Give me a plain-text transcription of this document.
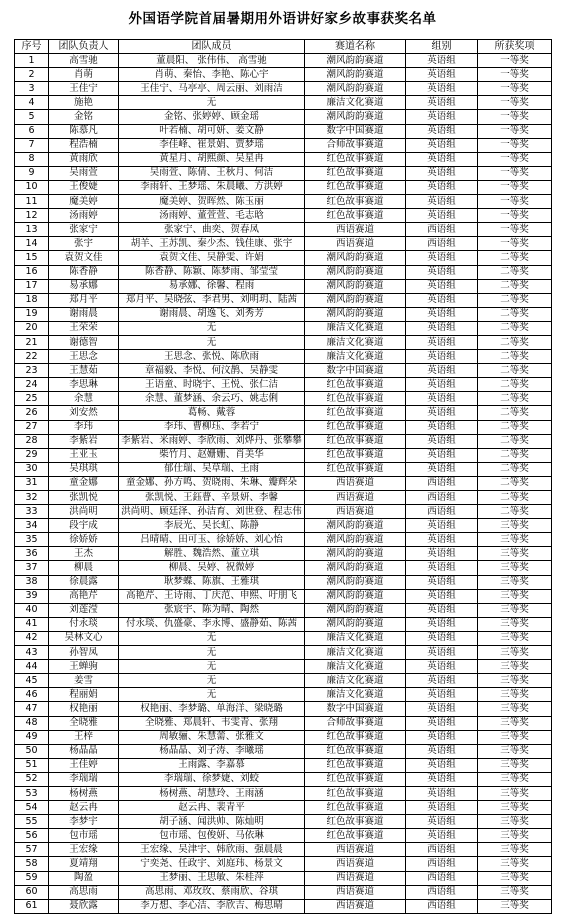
外国语学院首届暑期用外语讲好家乡故事获奖名单
序号	团队负责人	团队成员	赛道名称	组别	所获奖项
1	高雪驰	董晨阳、 张伟伟、 高雪驰	潮风韵韵赛道	英语组	一等奖
2	肖萌	肖萌、秦怡、李艳、陈心宇	潮风韵韵赛道	英语组	一等奖
3	王佳宁	王佳宁、马亭亭、周云丽、刘雨洁	潮风韵韵赛道	英语组	一等奖
4	施艳	无	廉洁文化赛道	英语组	一等奖
5	金铭	金铭、张婷婷、顾金瑶	潮风韵韵赛道	英语组	一等奖
6	陈慕凡	叶若楠、胡可妍、姜文静	数字中国赛道	英语组	一等奖
7	程浩楠	李佳峰、崔景娟、贾梦瑶	合师故事赛道	英语组	一等奖
8	黄雨欣	黄星月、胡熙颜、吴星冉	红色故事赛道	英语组	一等奖
9	吴雨萱	吴雨萱、陈倩、王秋月、何洁	红色故事赛道	英语组	一等奖
10	王俊婕	李雨轩、王梦瑶、朱晨曦、方洪婷	红色故事赛道	英语组	一等奖
11	魔美婷	魔美婷、贺晖然、陈玉丽	红色故事赛道	英语组	一等奖
12	汤雨婷	汤雨婷、董萱萱、毛志晗	红色故事赛道	英语组	一等奖
13	张家宁	张家宁、曲奕、贺春凤	西语赛道	西语组	一等奖
14	张宇	胡羊、王苏凯、秦少杰、钱佳康、张宇	西语赛道	西语组	一等奖
15	袁贺文佳	袁贺文佳、吴静雯、许娟	潮风韵韵赛道	英语组	二等奖
16	陈香静	陈香静、陈颖、陈梦雨、邹莹莹	潮风韵韵赛道	英语组	二等奖
17	易承娜	易承娜、徐馨、程雨	潮风韵韵赛道	英语组	二等奖
18	郑月平	郑月平、吴晓弦、李君男、刘明玥、陆茜	潮风韵韵赛道	英语组	二等奖
19	谢雨晨	谢雨晨、胡逸飞、刘秀芳	潮风韵韵赛道	英语组	二等奖
20	王荣荣	无	廉洁文化赛道	英语组	二等奖
21	谢德智	无	廉洁文化赛道	英语组	二等奖
22	王思念	王思念、张悦、陈欣雨	廉洁文化赛道	英语组	二等奖
23	王慧茹	章福毅、李悦、何汶鹊、吴静雯	数字中国赛道	英语组	二等奖
24	李思琳	王语童、时晓宇、王悦、张仁洁	红色故事赛道	英语组	二等奖
25	余慧	余慧、董梦涵、余云巧、姚志俐	红色故事赛道	英语组	二等奖
26	刘安然	葛畅、戴蓉	红色故事赛道	英语组	二等奖
27	李玮	李玮、曹柳珏、李若宁	红色故事赛道	英语组	二等奖
28	李紫岩	李紫岩、米雨婷、李欣雨、刘烨丹、张攀攀	红色故事赛道	英语组	二等奖
29	王亚玉	柴竹月、赵姗姗、肖美华	红色故事赛道	英语组	二等奖
30	吴琪琪	郁仕瑞、吴草瑞、王雨	红色故事赛道	英语组	二等奖
31	童金娜	童金娜、孙方鸣、贺晓雨、朱琳、瓣辉朵	西语赛道	西语组	二等奖
32	张凯悦	张凯悦、王鈺瞢、辛景妍、李馨	西语赛道	西语组	二等奖
33	洪尚明	洪尚明、顾廷泽、孙洁育、刘世登、程志伟	西语赛道	西语组	二等奖
34	段宇成	李辰光、吴长虹、陈静	潮风韵韵赛道	英语组	三等奖
35	徐娇娇	吕晴晴、田可玉、徐娇娇、刘心怡	潮风韵韵赛道	英语组	三等奖
36	王杰	解胜、魏浩然、董立琪	潮风韵韵赛道	英语组	三等奖
37	柳晨	柳晨、吴婷、祝微婷	潮风韵韵赛道	英语组	三等奖
38	徐晨露	耿梦蝶、陈旗、王雅琪	潮风韵韵赛道	英语组	三等奖
39	高艳芹	高艳芹、王诗雨、丁庆范、申熙、吁朋飞	潮风韵韵赛道	英语组	三等奖
40	刘莲滢	张宸宇、陈为晴、陶然	潮风韵韵赛道	英语组	三等奖
41	付永琰	付永琰、仇盛豪、李永博、盛静茹、陈茜	潮风韵韵赛道	英语组	三等奖
42	吴林文心	无	廉洁文化赛道	英语组	三等奖
43	孙智凤	无	廉洁文化赛道	英语组	三等奖
44	王蝉驹	无	廉洁文化赛道	英语组	三等奖
45	姜雪	无	廉洁文化赛道	英语组	三等奖
46	程丽娟	无	廉洁文化赛道	英语组	三等奖
47	权艳丽	权艳丽、李梦璐、单海洋、梁晓璐	数字中国赛道	英语组	三等奖
48	全晓雅	全晓雅、郑晨轩、韦雯青、张翔	合师故事赛道	英语组	三等奖
49	王梓	周敏骊、朱慧薷、张雅文	红色故事赛道	英语组	三等奖
50	杨晶晶	杨晶晶、刘子涛、李曦瑶	红色故事赛道	英语组	三等奖
51	王佳婷	王雨露、李嘉慕	红色故事赛道	英语组	三等奖
52	李瑞瑞	李瑞瑞、徐梦婕、刘蛟	红色故事赛道	英语组	三等奖
53	杨树燕	杨树燕、胡慧玲、王雨涵	红色故事赛道	英语组	三等奖
54	赵云冉	赵云冉、裴青平	红色故事赛道	英语组	三等奖
55	李梦宇	胡子涵、闻洪帅、陈灿明	红色故事赛道	英语组	三等奖
56	包市瑶	包市瑶、包俊妍、马依琳	红色故事赛道	英语组	三等奖
57	王宏缘	王宏缘、吴津宇、韩欣雨、强晨晨	西语赛道	西语组	三等奖
58	夏靖翔	宁奕尧、任政宇、刘庭玮、杨景文	西语赛道	西语组	三等奖
59	陶盈	王梦丽、王思敏、朱桂萍	西语赛道	西语组	三等奖
60	高思雨	高思雨、邓玫玫、蔡雨欣、谷琪	西语赛道	西语组	三等奖
61	聂欣露	李万想、李心洁、李欣吉、梅思晴	西语赛道	西语组	三等奖
